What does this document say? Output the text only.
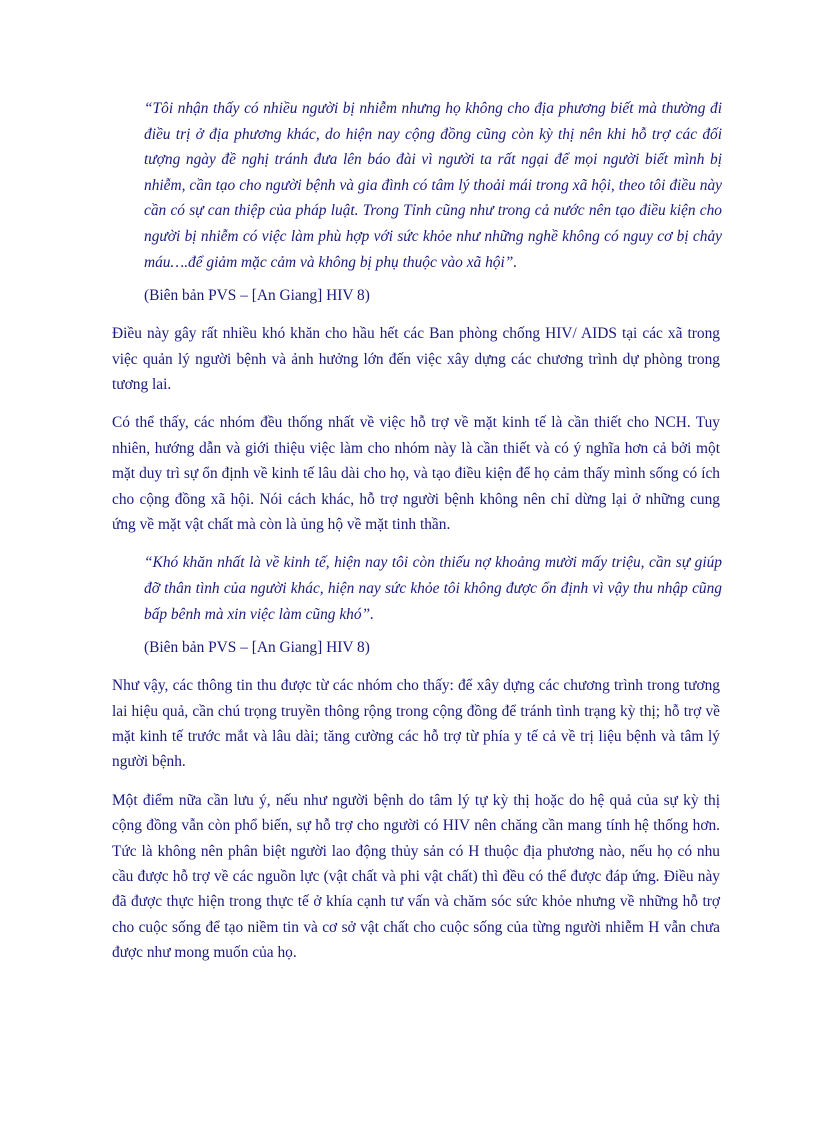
“Tôi nhận thấy có nhiều người bị nhiễm nhưng họ không cho địa phương biết mà thường đi điều trị ở địa phương khác, do hiện nay cộng đồng cũng còn kỳ thị nên khi hỗ trợ các đối tượng ngày đề nghị tránh đưa lên báo đài vì người ta rất ngại để mọi người biết mình bị nhiễm, cần tạo cho người bệnh và gia đình có tâm lý thoải mái trong xã hội, theo tôi điều này cần có sự can thiệp của pháp luật. Trong Tỉnh cũng như trong cả nước nên tạo điều kiện cho người bị nhiễm có việc làm phù hợp với sức khỏe như những nghề không có nguy cơ bị chảy máu….để giảm mặc cảm và không bị phụ thuộc vào xã hội”.

(Biên bản PVS – [An Giang] HIV 8)

Điều này gây rất nhiều khó khăn cho hầu hết các Ban phòng chống HIV/ AIDS tại các xã trong việc quản lý người bệnh và ảnh hưởng lớn đến việc xây dựng các chương trình dự phòng trong tương lai.

Có thể thấy, các nhóm đều thống nhất về việc hỗ trợ về mặt kinh tế là cần thiết cho NCH. Tuy nhiên, hướng dẫn và giới thiệu việc làm cho nhóm này là cần thiết và có ý nghĩa hơn cả bởi một mặt duy trì sự ổn định về kinh tế lâu dài cho họ, và tạo điều kiện để họ cảm thấy mình sống có ích cho cộng đồng xã hội. Nói cách khác, hỗ trợ người bệnh không nên chỉ dừng lại ở những cung ứng về mặt vật chất mà còn là ủng hộ về mặt tinh thần.

“Khó khăn nhất là về kinh tế, hiện nay tôi còn thiếu nợ khoảng mười mấy triệu, cần sự giúp đỡ thân tình của người khác, hiện nay sức khỏe tôi không được ổn định vì vậy thu nhập cũng bấp bênh mà xin việc làm cũng khó”.

(Biên bản PVS – [An Giang] HIV 8)

Như vậy, các thông tin thu được từ các nhóm cho thấy: để xây dựng các chương trình trong tương lai hiệu quả, cần chú trọng truyền thông rộng trong cộng đồng để tránh tình trạng kỳ thị; hỗ trợ về mặt kinh tế trước mắt và lâu dài; tăng cường các hỗ trợ từ phía y tế cả về trị liệu bệnh và tâm lý người bệnh.

Một điểm nữa cần lưu ý, nếu như người bệnh do tâm lý tự kỳ thị hoặc do hệ quả của sự kỳ thị cộng đồng vẫn còn phổ biến, sự hỗ trợ cho người có HIV nên chăng cần mang tính hệ thống hơn. Tức là không nên phân biệt người lao động thủy sản có H thuộc địa phương nào, nếu họ có nhu cầu được hỗ trợ về các nguồn lực (vật chất và phi vật chất) thì đều có thể được đáp ứng. Điều này đã được thực hiện trong thực tế ở khía cạnh tư vấn và chăm sóc sức khỏe nhưng về những hỗ trợ cho cuộc sống để tạo niềm tin và cơ sở vật chất cho cuộc sống của từng người nhiễm H vẫn chưa được như mong muốn của họ.
